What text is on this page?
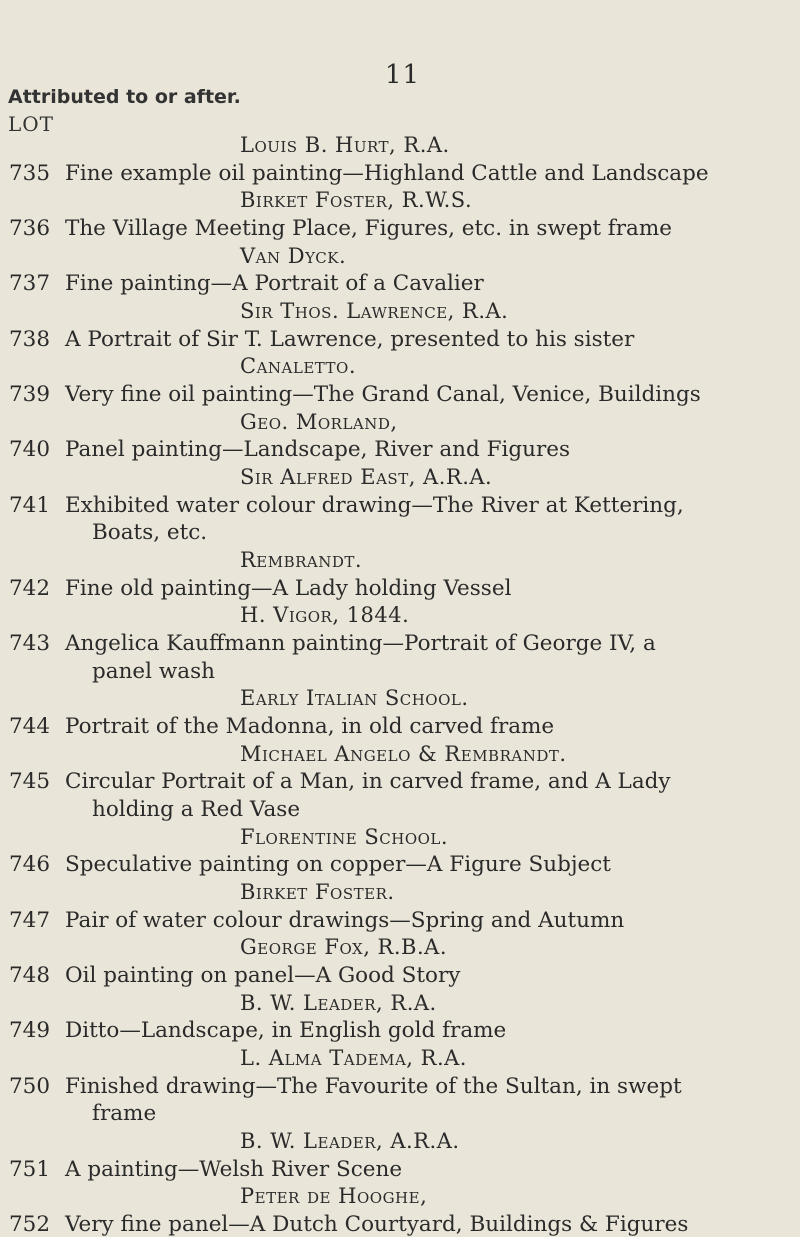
11
Attributed to or after.
LOT
Louis B. Hurt, R.A.
Birket Foster, R.W.S.
Van Dyck.
Sir Thos. Lawrence, R.A.
Canaletto.
Geo. Morland,
Sir Alfred East, A.R.A.
Rembrandt.
H. Vigor, 1844.
Early Italian School.
Michael Angelo & Rembrandt.
Florentine School.
Birket Foster.
George Fox, R.B.A.
B. W. Leader, R.A.
L. Alma Tadema, R.A.
B. W. Leader, A.R.A.
Peter de Hooghe,
735 Fine example oil painting—Highland Cattle and Landscape
736 The Village Meeting Place, Figures, etc. in swept frame
737 Fine painting—A Portrait of a Cavalier
738 A Portrait of Sir T. Lawrence, presented to his sister
739 Very fine oil painting—The Grand Canal, Venice, Buildings
740 Panel painting—Landscape, River and Figures
741 Exhibited water colour drawing—The River at Kettering,
Boats, etc.
742 Fine old painting—A Lady holding Vessel
743 Angelica Kauffmann painting—Portrait of George IV, a
panel wash
744 Portrait of the Madonna, in old carved frame
745 Circular Portrait of a Man, in carved frame, and A Lady
holding a Red Vase
746 Speculative painting on copper—A Figure Subject
747 Pair of water colour drawings—Spring and Autumn
748 Oil painting on panel—A Good Story
749 Ditto—Landscape, in English gold frame
750 Finished drawing—The Favourite of the Sultan, in swept
frame
751 A painting—Welsh River Scene
752 Very fine panel—A Dutch Courtyard, Buildings & Figures
